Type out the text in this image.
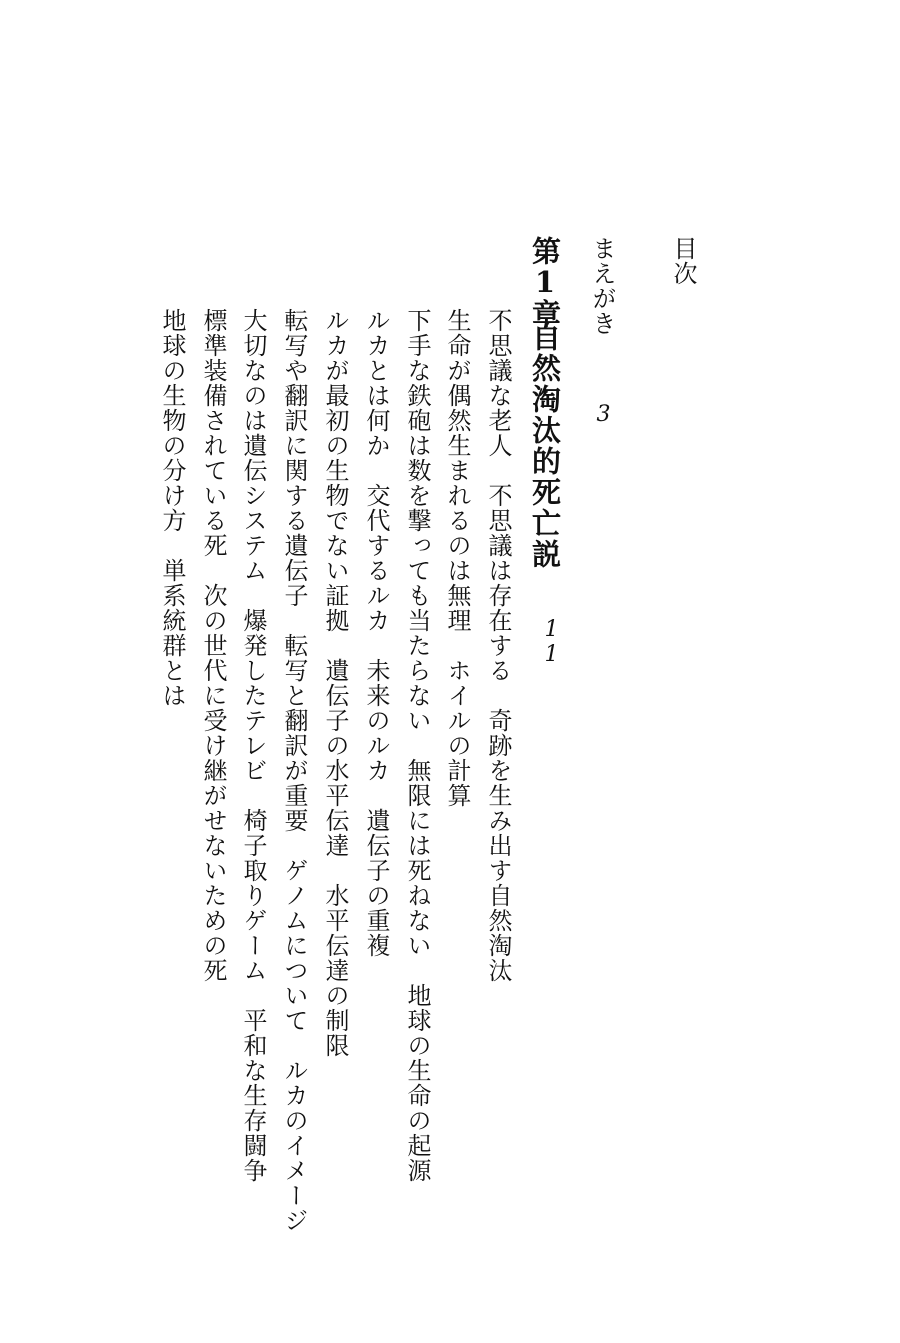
目次
まえがき
3
第1章
自然淘汰的死亡説
11
不思議な老人　不思議は存在する　奇跡を生み出す自然淘汰
生命が偶然生まれるのは無理　ホイルの計算
下手な鉄砲は数を撃っても当たらない　無限には死ねない　地球の生命の起源
ルカとは何か　交代するルカ　未来のルカ　遺伝子の重複
ルカが最初の生物でない証拠　遺伝子の水平伝達　水平伝達の制限
転写や翻訳に関する遺伝子　転写と翻訳が重要　ゲノムについて　ルカのイメージ
大切なのは遺伝システム　爆発したテレビ　椅子取りゲーム　平和な生存闘争
標準装備されている死　次の世代に受け継がせないための死
地球の生物の分け方　単系統群とは
